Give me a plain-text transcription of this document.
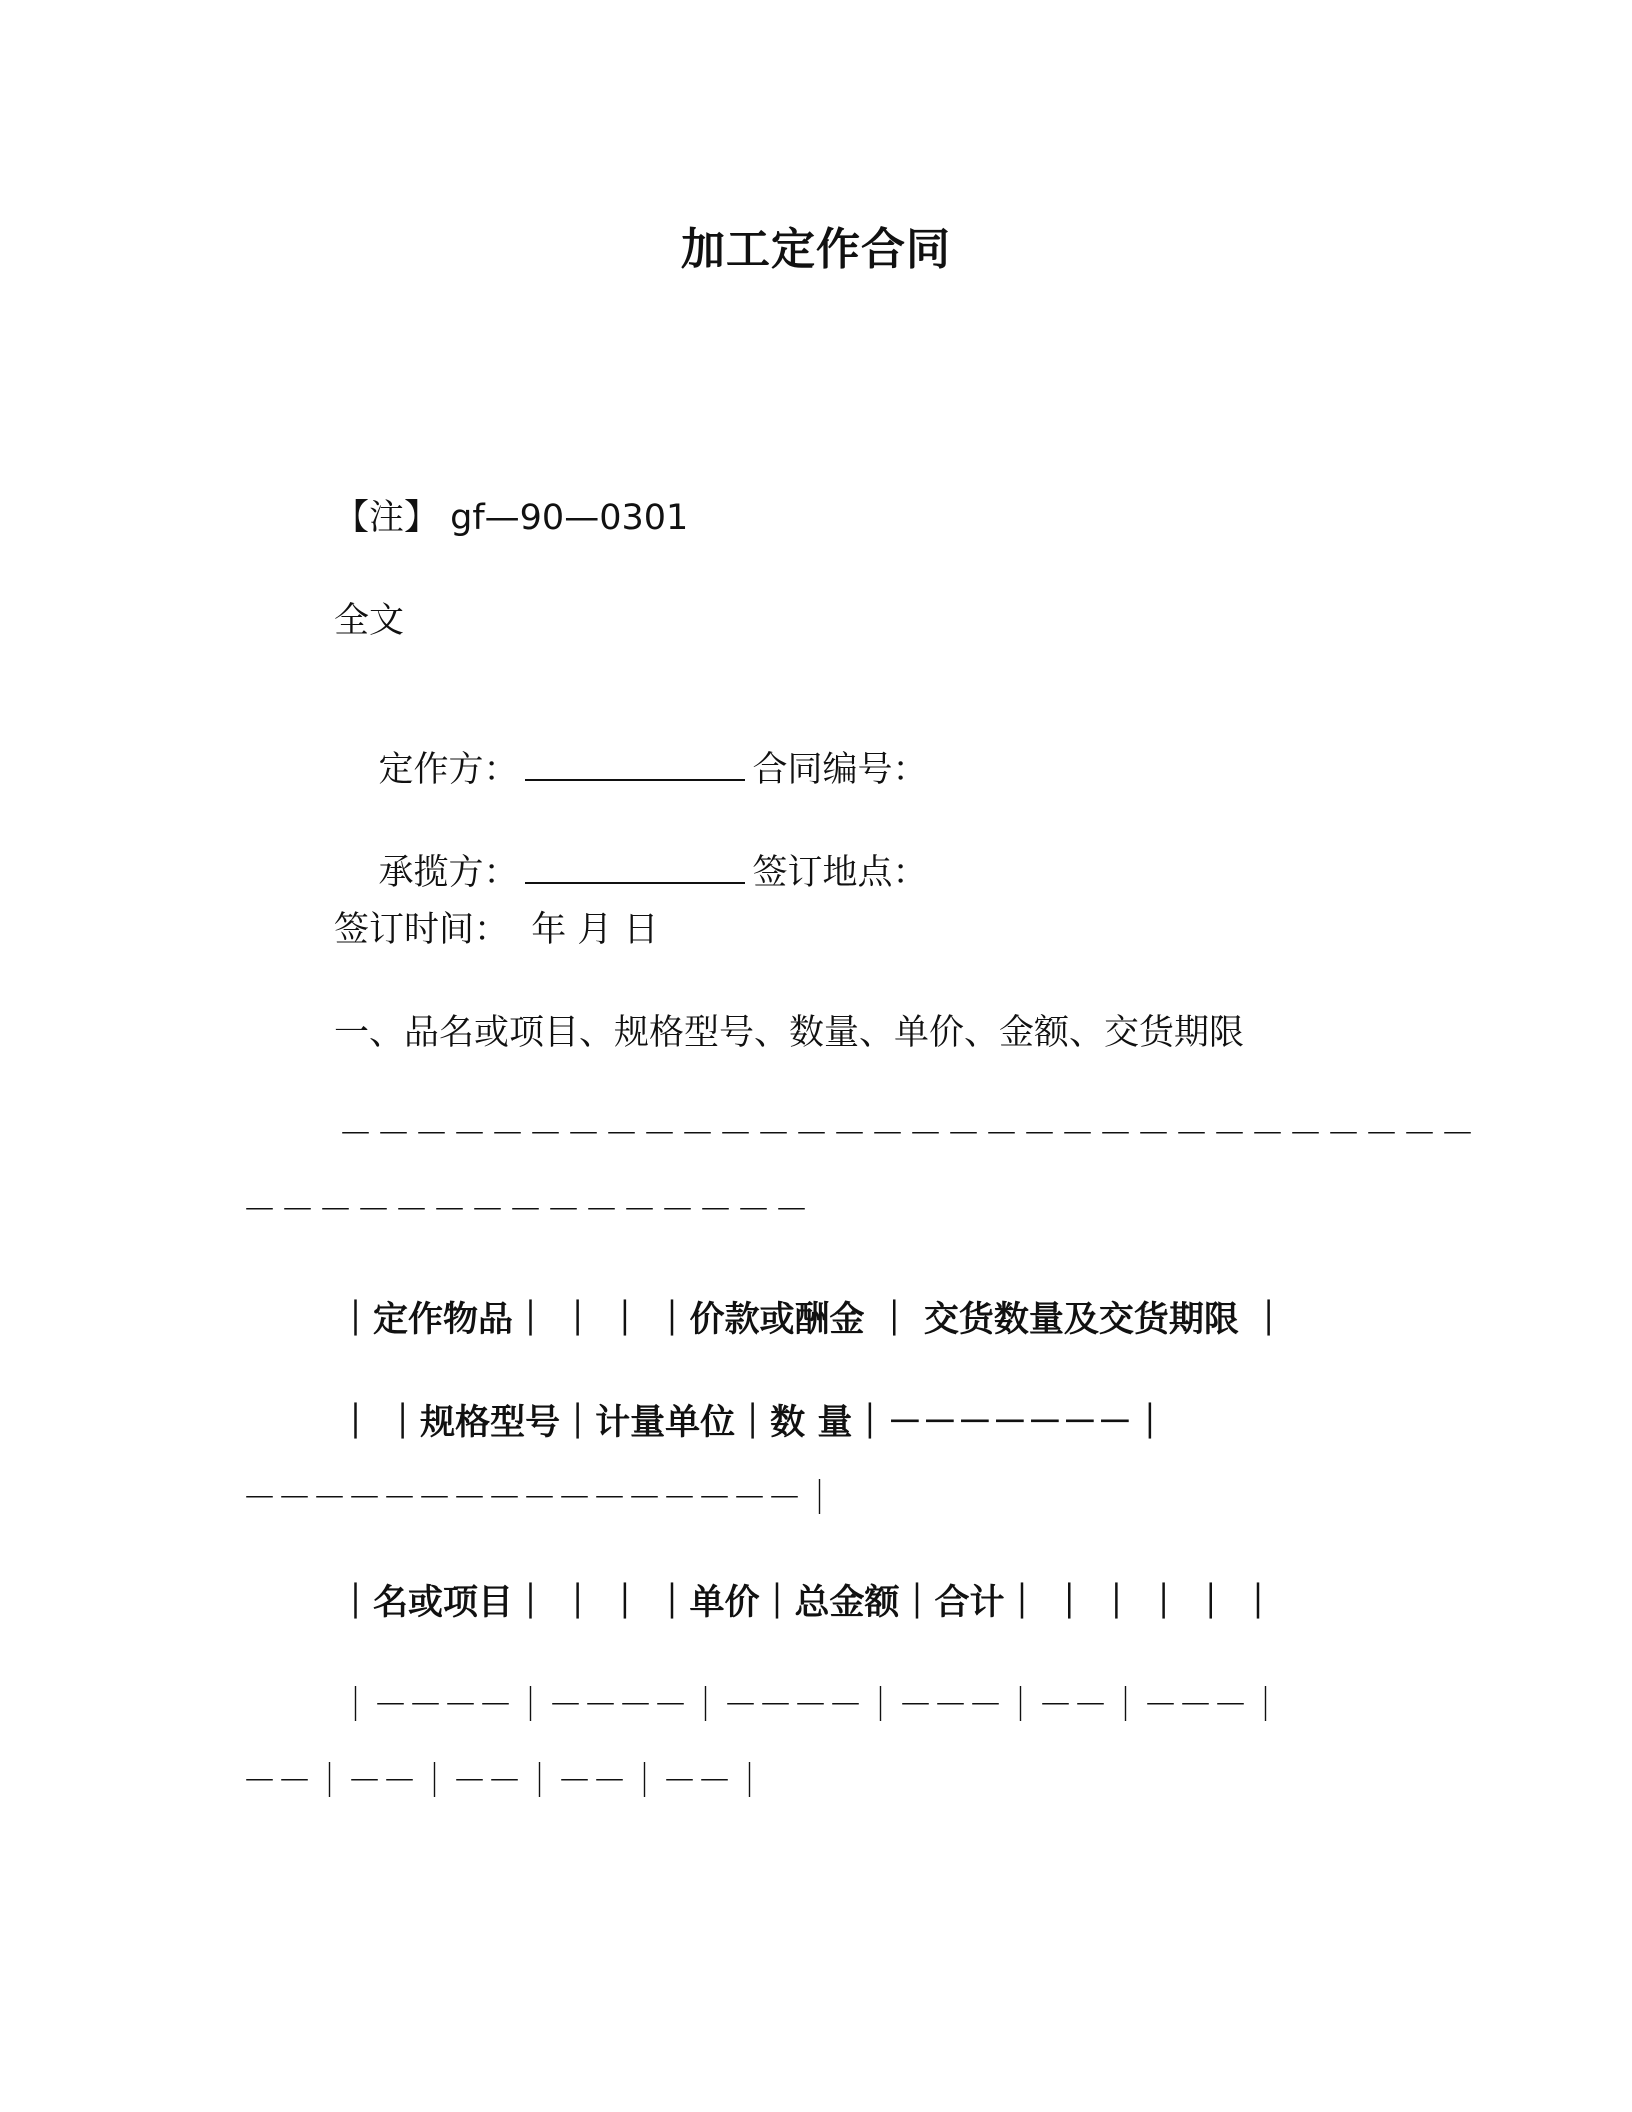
加工定作合同
【注】 gf—90—0301
全文

定作方：	合同编号：

承揽方：	签订地点：

签订时间：  年 月 日
一、品名或项目、规格型号、数量、单价、金额、交货期限
－－－－－－－－－－－－－－－－－－－－－－－－－－－－－－
－－－－－－－－－－－－－－－
｜定作物品｜ ｜ ｜ ｜价款或酬金 ｜ 交货数量及交货期限 ｜
｜ ｜规格型号｜计量单位｜数 量｜－－－－－－－｜
－－－－－－－－－－－－－－－－｜
｜名或项目｜ ｜ ｜ ｜单价｜总金额｜合计｜ ｜ ｜ ｜ ｜ ｜
｜－－－－｜－－－－｜－－－－｜－－－｜－－｜－－－｜
－－｜－－｜－－｜－－｜－－｜
